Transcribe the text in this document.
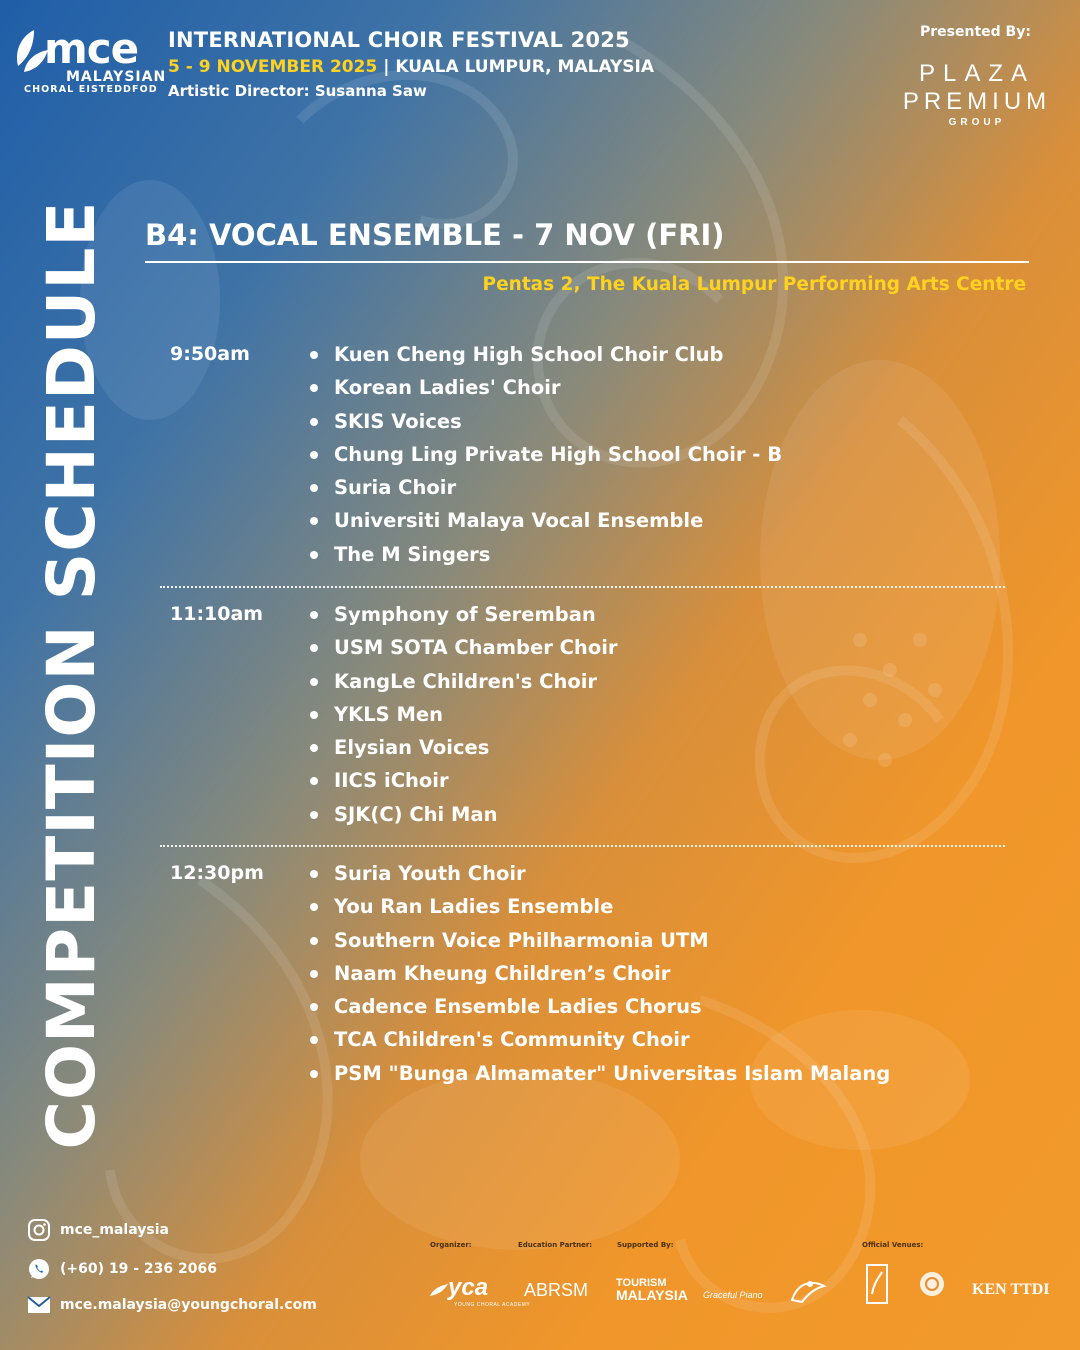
mce
MALAYSIAN
CHORAL EISTEDDFOD
INTERNATIONAL CHOIR FESTIVAL 2025
5 - 9 NOVEMBER 2025 | KUALA LUMPUR, MALAYSIA
Artistic Director: Susanna Saw
Presented By:
PLAZA
PREMIUM
GROUP
COMPETITION SCHEDULE B4: VOCAL ENSEMBLE - 7 NOV (FRI)
Pentas 2, The Kuala Lumpur Performing Arts Centre
9:50am	Kuen Cheng High School Choir Club
Korean Ladies' Choir
SKIS Voices
Chung Ling Private High School Choir - B
Suria Choir
Universiti Malaya Vocal Ensemble
The M Singers
11:10am	Symphony of Seremban
USM SOTA Chamber Choir
KangLe Children's Choir
YKLS Men
Elysian Voices
IICS iChoir
SJK(C) Chi Man
12:30pm	Suria Youth Choir
You Ran Ladies Ensemble
Southern Voice Philharmonia UTM
Naam Kheung Children’s Choir
Cadence Ensemble Ladies Chorus
TCA Children's Community Choir
PSM "Bunga Almamater" Universitas Islam Malang
mce_malaysia
(+60) 19 - 236 2066
mce.malaysia@youngchoral.com
Organizer:	Education Partner:	Supported By:	Official Venues:
yca
YOUNG CHORAL ACADEMY
ABRSM	TOURISM
MALAYSIA Graceful Piano	KEN TTDI
